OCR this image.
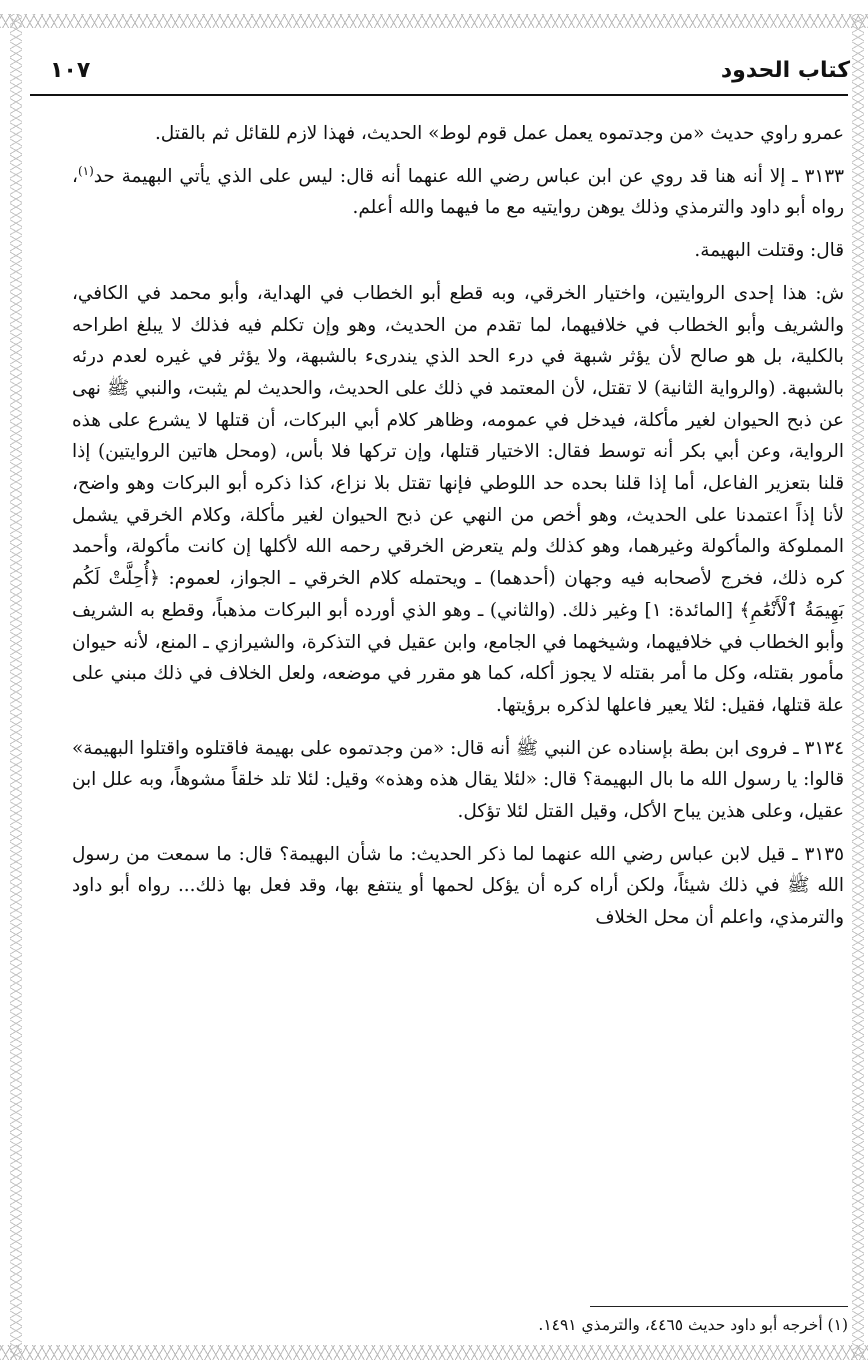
كتاب الحدود
١٠٧

عمرو راوي حديث «من وجدتموه يعمل عمل قوم لوط» الحديث، فهذا لازم للقائل ثم بالقتل.

٣١٣٣ ـ إلا أنه هنا قد روي عن ابن عباس رضي الله عنهما أنه قال: ليس على الذي يأتي البهيمة حد$^{(١)}$، رواه أبو داود والترمذي وذلك يوهن روايتيه مع ما فيهما والله أعلم.

قال: وقتلت البهيمة.

ش: هذا إحدى الروايتين، واختيار الخرقي، وبه قطع أبو الخطاب في الهداية، وأبو محمد في الكافي، والشريف وأبو الخطاب في خلافيهما، لما تقدم من الحديث، وهو وإن تكلم فيه فذلك لا يبلغ اطراحه بالكلية، بل هو صالح لأن يؤثر شبهة في درء الحد الذي يندرىء بالشبهة، ولا يؤثر في غيره لعدم درئه بالشبهة. (والرواية الثانية) لا تقتل، لأن المعتمد في ذلك على الحديث، والحديث لم يثبت، والنبي ﷺ نهى عن ذبح الحيوان لغير مأكلة، فيدخل في عمومه، وظاهر كلام أبي البركات، أن قتلها لا يشرع على هذه الرواية، وعن أبي بكر أنه توسط فقال: الاختيار قتلها، وإن تركها فلا بأس، (ومحل هاتين الروايتين) إذا قلنا بتعزير الفاعل، أما إذا قلنا بحده حد اللوطي فإنها تقتل بلا نزاع، كذا ذكره أبو البركات وهو واضح، لأنا إذاً اعتمدنا على الحديث، وهو أخص من النهي عن ذبح الحيوان لغير مأكلة، وكلام الخرقي يشمل المملوكة والمأكولة وغيرهما، وهو كذلك ولم يتعرض الخرقي رحمه الله لأكلها إن كانت مأكولة، وأحمد كره ذلك، فخرج لأصحابه فيه وجهان (أحدهما) ـ ويحتمله كلام الخرقي ـ الجواز، لعموم: ﴿أُحِلَّتْ لَكُم بَهِيمَةُ ٱلْأَنْعَٰمِ﴾ [المائدة: ١] وغير ذلك. (والثاني) ـ وهو الذي أورده أبو البركات مذهباً، وقطع به الشريف وأبو الخطاب في خلافيهما، وشيخهما في الجامع، وابن عقيل في التذكرة، والشيرازي ـ المنع، لأنه حيوان مأمور بقتله، وكل ما أمر بقتله لا يجوز أكله، كما هو مقرر في موضعه، ولعل الخلاف في ذلك مبني على علة قتلها، فقيل: لئلا يعير فاعلها لذكره برؤيتها.

٣١٣٤ ـ فروى ابن بطة بإسناده عن النبي ﷺ أنه قال: «من وجدتموه على بهيمة فاقتلوه واقتلوا البهيمة» قالوا: يا رسول الله ما بال البهيمة؟ قال: «لئلا يقال هذه وهذه» وقيل: لئلا تلد خلقاً مشوهاً، وبه علل ابن عقيل، وعلى هذين يباح الأكل، وقيل القتل لئلا تؤكل.

٣١٣٥ ـ قيل لابن عباس رضي الله عنهما لما ذكر الحديث: ما شأن البهيمة؟ قال: ما سمعت من رسول الله ﷺ في ذلك شيئاً، ولكن أراه كره أن يؤكل لحمها أو ينتفع بها، وقد فعل بها ذلك... رواه أبو داود والترمذي، واعلم أن محل الخلاف

(١) أخرجه أبو داود حديث ٤٤٦٥، والترمذي ١٤٩١.
